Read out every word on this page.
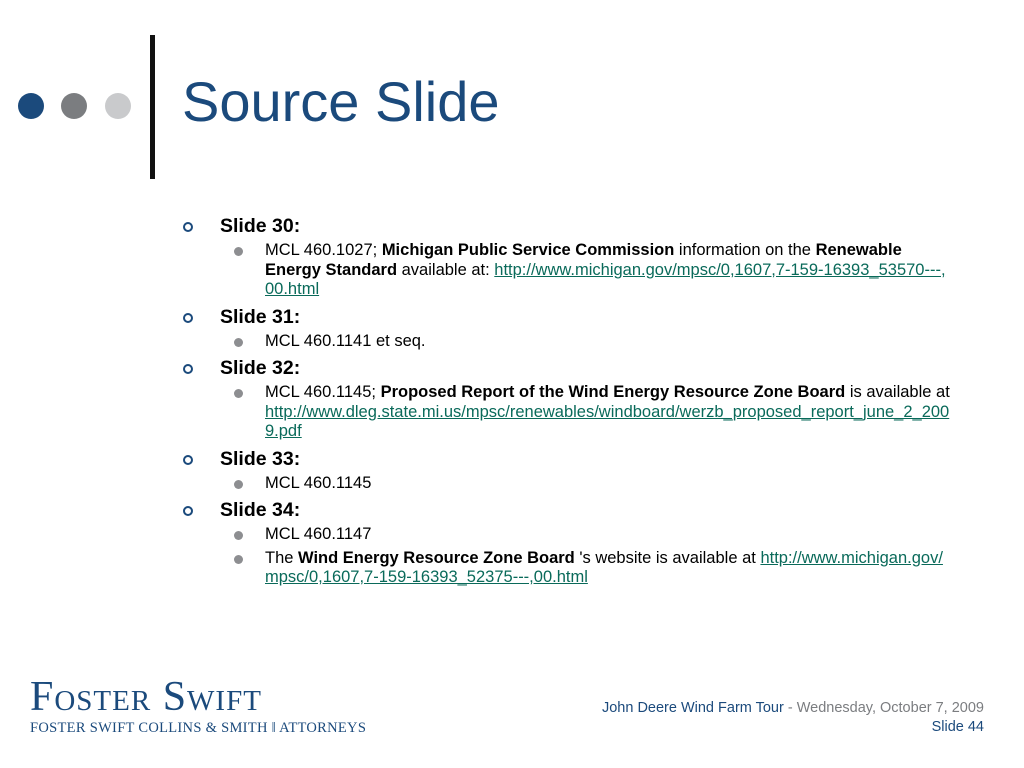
Source Slide
Slide 30:
MCL 460.1027; Michigan Public Service Commission information on the Renewable Energy Standard available at: http://www.michigan.gov/mpsc/0,1607,7-159-16393_53570---,00.html
Slide 31:
MCL 460.1141 et seq.
Slide 32:
MCL 460.1145; Proposed Report of the Wind Energy Resource Zone Board is available at http://www.dleg.state.mi.us/mpsc/renewables/windboard/werzb_proposed_report_june_2_2009.pdf
Slide 33:
MCL 460.1145
Slide 34:
MCL 460.1147
The Wind Energy Resource Zone Board 's website is available at http://www.michigan.gov/mpsc/0,1607,7-159-16393_52375---,00.html
Foster Swift
FOSTER SWIFT COLLINS & SMITH ‖ ATTORNEYS
John Deere Wind Farm Tour - Wednesday, October 7, 2009
Slide 44
